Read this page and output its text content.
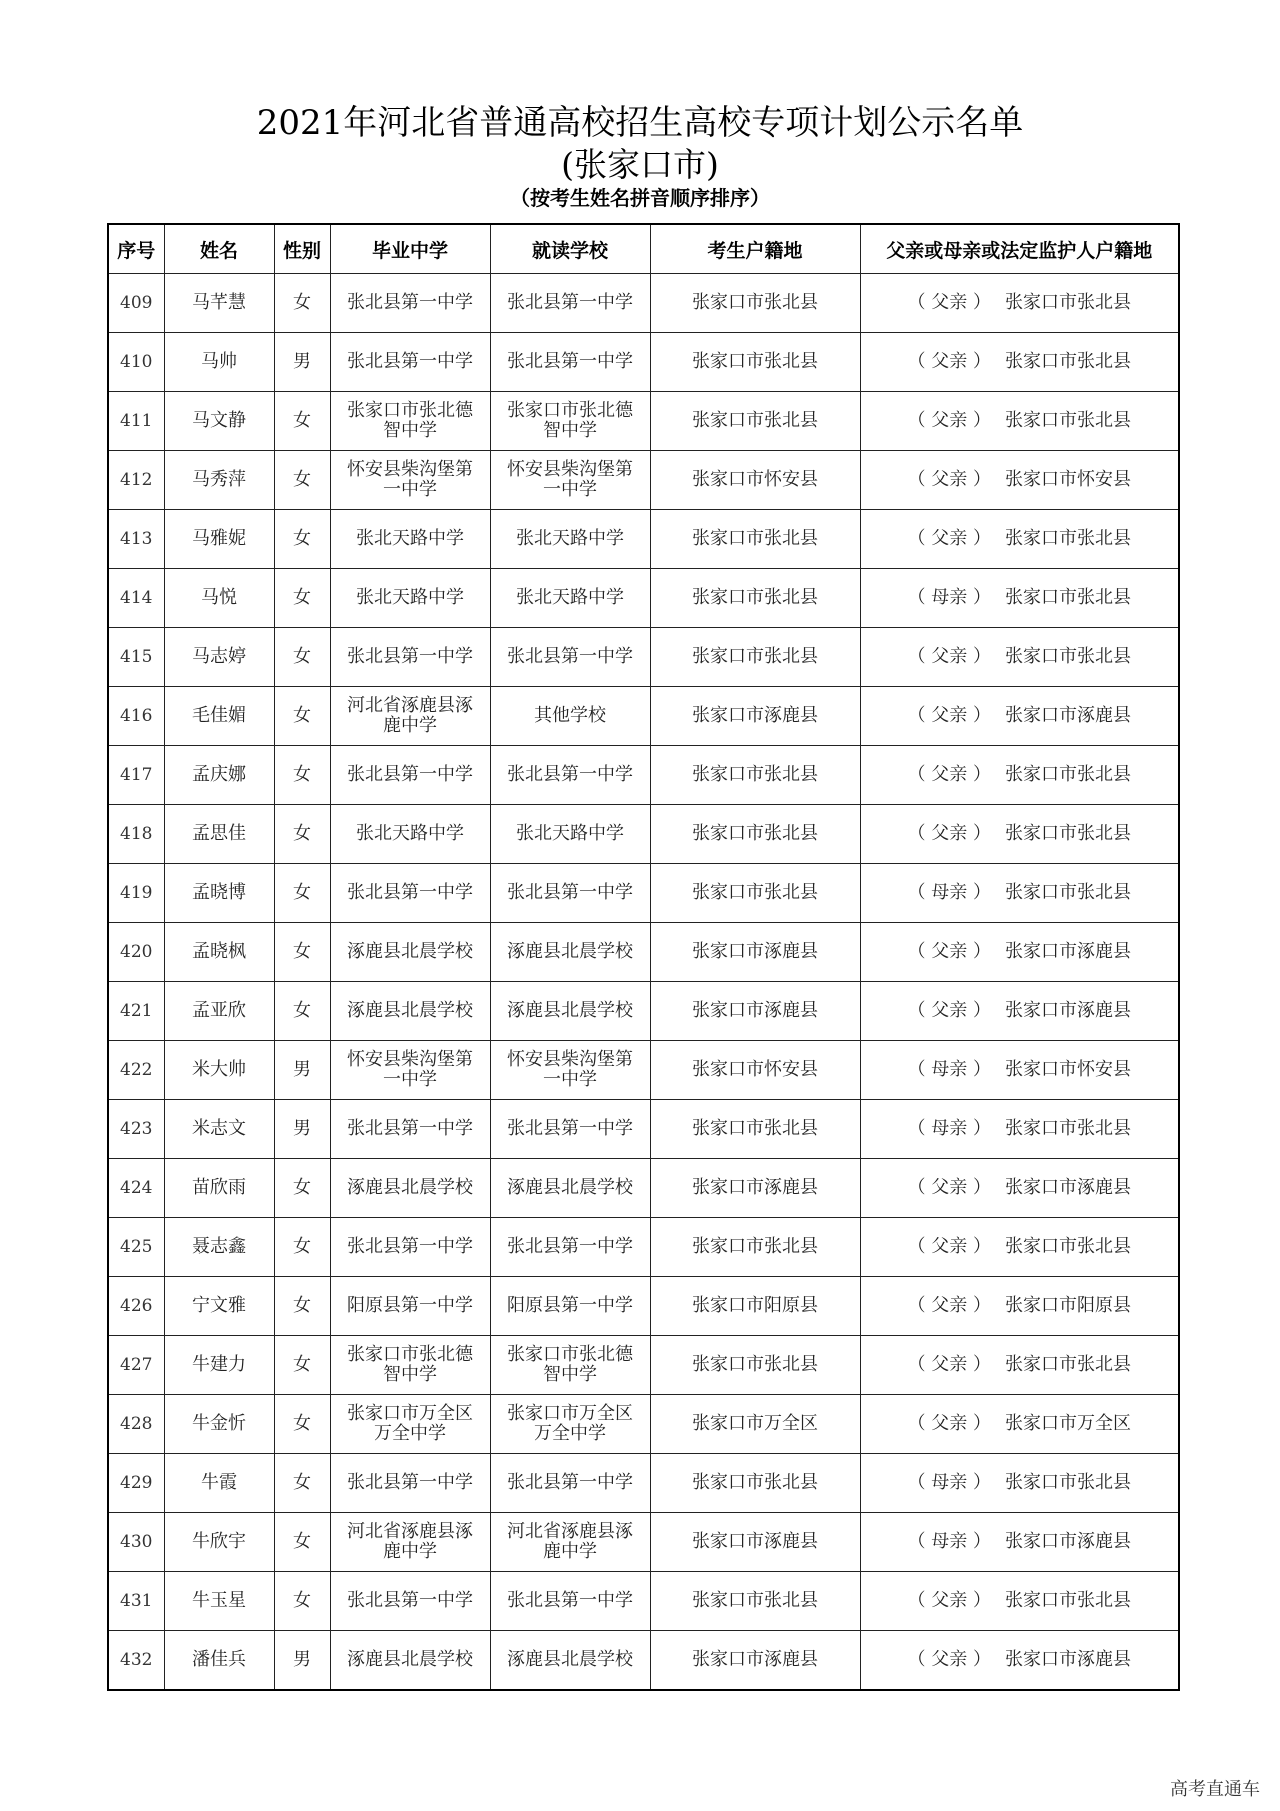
2021年河北省普通高校招生高校专项计划公示名单
(张家口市)
（按考生姓名拼音顺序排序）
序号	姓名	性别	毕业中学	就读学校	考生户籍地	父亲或母亲或法定监护人户籍地
409	马芊慧	女	张北县第一中学	张北县第一中学	张家口市张北县	（ 父亲 ） 张家口市张北县
410	马帅	男	张北县第一中学	张北县第一中学	张家口市张北县	（ 父亲 ） 张家口市张北县
411	马文静	女	张家口市张北德智中学	张家口市张北德智中学	张家口市张北县	（ 父亲 ） 张家口市张北县
412	马秀萍	女	怀安县柴沟堡第一中学	怀安县柴沟堡第一中学	张家口市怀安县	（ 父亲 ） 张家口市怀安县
413	马雅妮	女	张北天路中学	张北天路中学	张家口市张北县	（ 父亲 ） 张家口市张北县
414	马悦	女	张北天路中学	张北天路中学	张家口市张北县	（ 母亲 ） 张家口市张北县
415	马志婷	女	张北县第一中学	张北县第一中学	张家口市张北县	（ 父亲 ） 张家口市张北县
416	毛佳媚	女	河北省涿鹿县涿鹿中学	其他学校	张家口市涿鹿县	（ 父亲 ） 张家口市涿鹿县
417	孟庆娜	女	张北县第一中学	张北县第一中学	张家口市张北县	（ 父亲 ） 张家口市张北县
418	孟思佳	女	张北天路中学	张北天路中学	张家口市张北县	（ 父亲 ） 张家口市张北县
419	孟晓博	女	张北县第一中学	张北县第一中学	张家口市张北县	（ 母亲 ） 张家口市张北县
420	孟晓枫	女	涿鹿县北晨学校	涿鹿县北晨学校	张家口市涿鹿县	（ 父亲 ） 张家口市涿鹿县
421	孟亚欣	女	涿鹿县北晨学校	涿鹿县北晨学校	张家口市涿鹿县	（ 父亲 ） 张家口市涿鹿县
422	米大帅	男	怀安县柴沟堡第一中学	怀安县柴沟堡第一中学	张家口市怀安县	（ 母亲 ） 张家口市怀安县
423	米志文	男	张北县第一中学	张北县第一中学	张家口市张北县	（ 母亲 ） 张家口市张北县
424	苗欣雨	女	涿鹿县北晨学校	涿鹿县北晨学校	张家口市涿鹿县	（ 父亲 ） 张家口市涿鹿县
425	聂志鑫	女	张北县第一中学	张北县第一中学	张家口市张北县	（ 父亲 ） 张家口市张北县
426	宁文雅	女	阳原县第一中学	阳原县第一中学	张家口市阳原县	（ 父亲 ） 张家口市阳原县
427	牛建力	女	张家口市张北德智中学	张家口市张北德智中学	张家口市张北县	（ 父亲 ） 张家口市张北县
428	牛金忻	女	张家口市万全区万全中学	张家口市万全区万全中学	张家口市万全区	（ 父亲 ） 张家口市万全区
429	牛霞	女	张北县第一中学	张北县第一中学	张家口市张北县	（ 母亲 ） 张家口市张北县
430	牛欣宇	女	河北省涿鹿县涿鹿中学	河北省涿鹿县涿鹿中学	张家口市涿鹿县	（ 母亲 ） 张家口市涿鹿县
431	牛玉星	女	张北县第一中学	张北县第一中学	张家口市张北县	（ 父亲 ） 张家口市张北县
432	潘佳兵	男	涿鹿县北晨学校	涿鹿县北晨学校	张家口市涿鹿县	（ 父亲 ） 张家口市涿鹿县
高考直通车
